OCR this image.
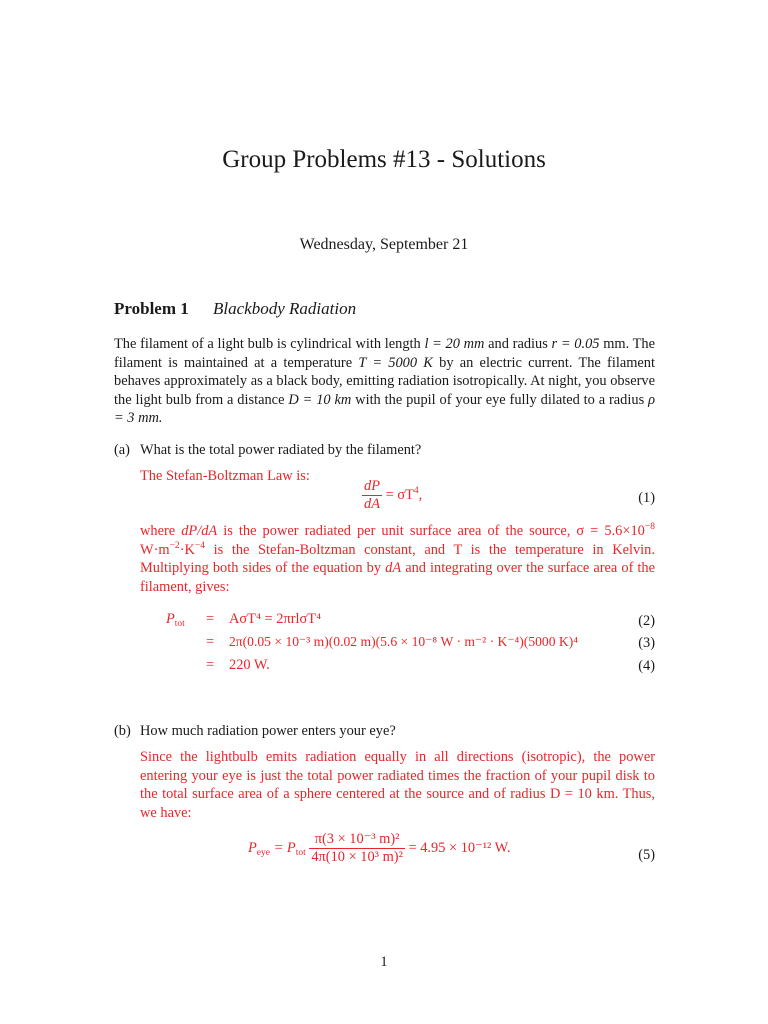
Group Problems #13 - Solutions
Wednesday, September 21
Problem 1 Blackbody Radiation
The filament of a light bulb is cylindrical with length l = 20 mm and radius r = 0.05 mm. The filament is maintained at a temperature T = 5000 K by an electric current. The filament behaves approximately as a black body, emitting radiation isotropically. At night, you observe the light bulb from a distance D = 10 km with the pupil of your eye fully dilated to a radius ρ = 3 mm.
(a) What is the total power radiated by the filament?
The Stefan-Boltzman Law is:
$\frac{dP}{dA} = \sigma T^4$,	(1)
where dP/dA is the power radiated per unit surface area of the source, $\sigma = 5.6\times 10^{-8}$ $W\cdot m^{-2}\cdot K^{-4}$ is the Stefan-Boltzman constant, and T is the temperature in Kelvin. Multiplying both sides of the equation by dA and integrating over the surface area of the filament, gives:
$P_{tot} = A\sigma T^4 = 2\pi rl\sigma T^4$	(2)
= 2π(0.05 × 10⁻³ m)(0.02 m)(5.6 × 10⁻⁸ W · m⁻² · K⁻⁴)(5000 K)⁴	(3)
= 220 W.	(4)
(b) How much radiation power enters your eye?
Since the lightbulb emits radiation equally in all directions (isotropic), the power entering your eye is just the total power radiated times the fraction of your pupil disk to the total surface area of a sphere centered at the source and of radius D = 10 km. Thus, we have:
$P_{eye} = P_{tot} \frac{\text{π(3 × 10⁻³ m)²}}{\text{4π(10 × 10³ m)²}} = 4.95 \times 10^{-12}$ W.	(5)
1
